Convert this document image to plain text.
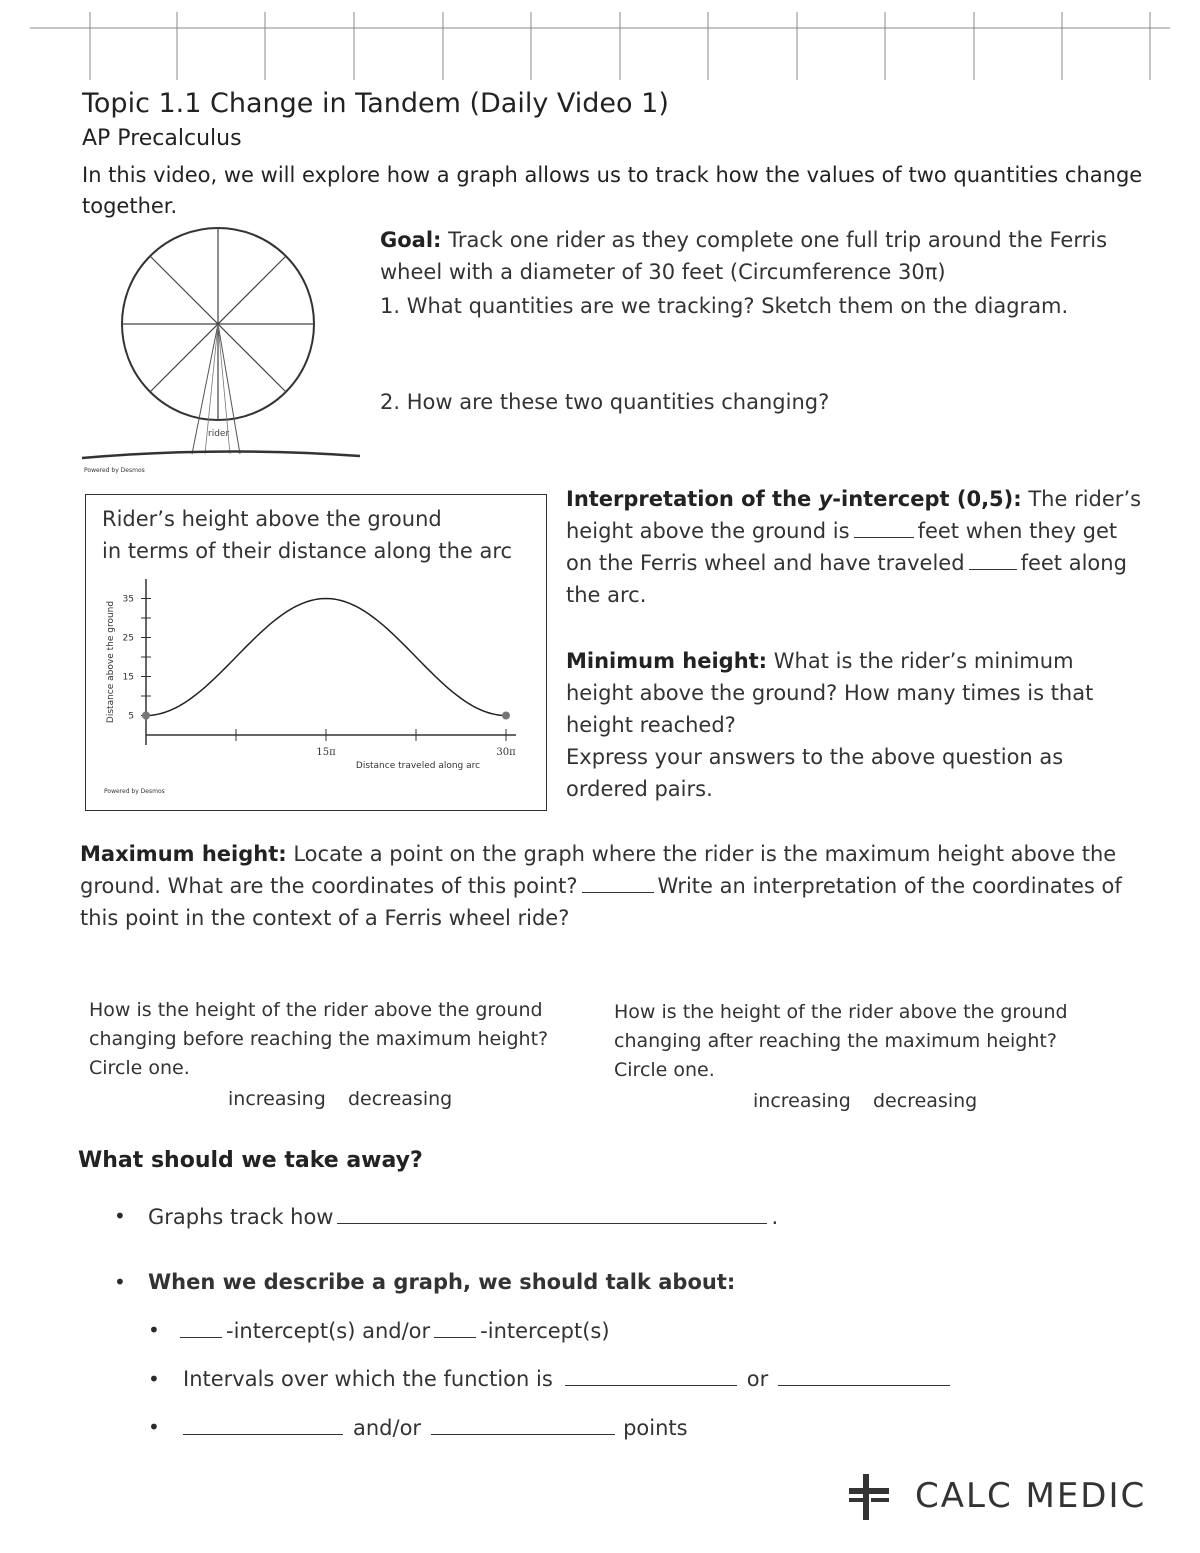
Topic 1.1 Change in Tandem (Daily Video 1)
AP Precalculus
In this video, we will explore how a graph allows us to track how the values of two quantities change together.
rider
Powered by Desmos
Goal: Track one rider as they complete one full trip around the Ferris wheel with a diameter of 30 feet (Circumference 30π)
1. What quantities are we tracking? Sketch them on the diagram.
2. How are these two quantities changing?
Rider’s height above the ground
in terms of their distance along the arc
5
15
25
35
15π	30π
Distance traveled along arc
Distance above the ground
Powered by Desmos
Interpretation of the y-intercept (0,5): The rider’s height above the ground is	feet when they get on the Ferris wheel and have traveled	feet along the arc.
Minimum height: What is the rider’s minimum height above the ground? How many times is that height reached?
Express your answers to the above question as ordered pairs.
Maximum height: Locate a point on the graph where the rider is the maximum height above the ground. What are the coordinates of this point?	Write an interpretation of the coordinates of this point in the context of a Ferris wheel ride?
How is the height of the rider above the ground changing before reaching the maximum height? Circle one.
increasing decreasing
How is the height of the rider above the ground changing after reaching the maximum height? Circle one.
increasing decreasing
What should we take away?
• Graphs track how	.
• When we describe a graph, we should talk about:
•	-intercept(s) and/or -intercept(s)
• Intervals over which the function is	or
•	and/or	points
CALC MEDIC
